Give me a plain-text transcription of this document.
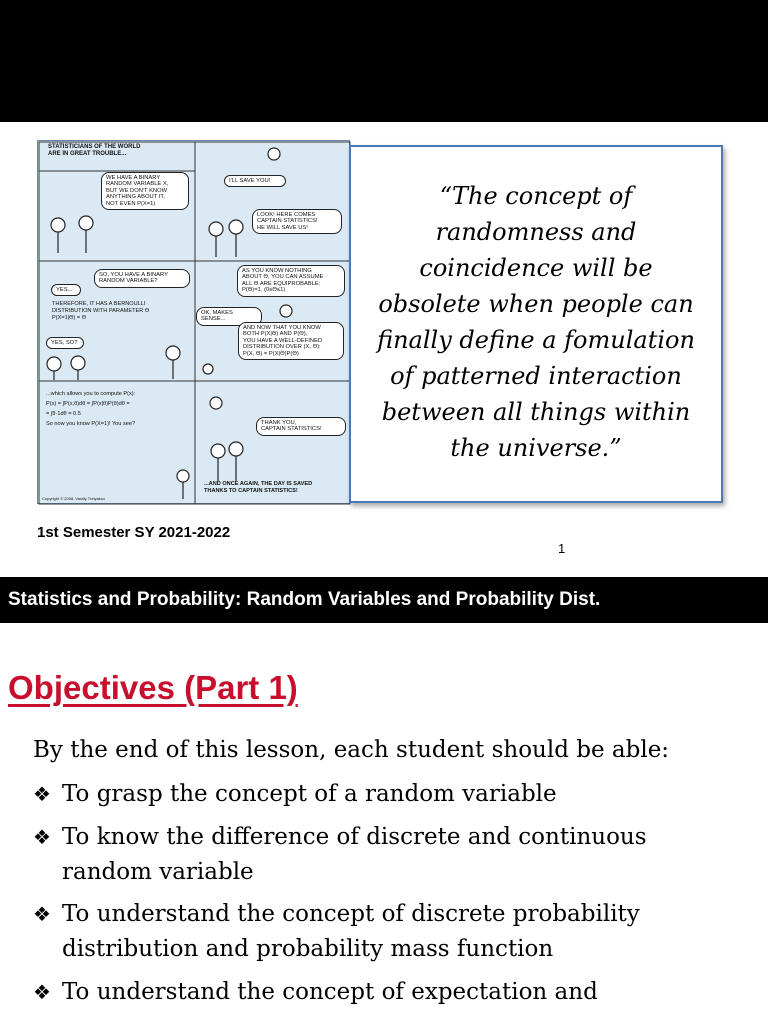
STATISTICIANS OF THE WORLD
ARE IN GREAT TROUBLE...
I'LL SAVE YOU!
WE HAVE A BINARY
RANDOM VARIABLE X,
BUT WE DON'T KNOW
ANYTHING ABOUT IT,
NOT EVEN P(X=1)
LOOK! HERE COMES
CAPTAIN STATISTICS!
HE WILL SAVE US!
SO, YOU HAVE A BINARY
RANDOM VARIABLE?
YES...
THEREFORE, IT HAS A BERNOULLI
DISTRIBUTION WITH PARAMETER Θ
P(X=1|Θ) = Θ
YES, SO?
AS YOU KNOW NOTHING
ABOUT Θ, YOU CAN ASSUME
ALL Θ ARE EQUIPROBABLE:
P(Θ)=1, (0≤Θ≤1)
OK, MAKES SENSE...
AND NOW THAT YOU KNOW
BOTH P(X|Θ) AND P(Θ),
YOU HAVE A WELL-DEFINED
DISTRIBUTION OVER (X, Θ):
P(X, Θ) = P(X|Θ)P(Θ)
...which allows you to compute P(x):
P(x) = ∫P(x,θ)dθ = ∫P(x|θ)P(θ)dθ =
= ∫θ·1dθ = 0.5
So now you know P(X=1)! You see?	THANK YOU,
CAPTAIN STATISTICS!
...AND ONCE AGAIN, THE DAY IS SAVED
THANKS TO CAPTAIN STATISTICS!
Copyright © 2008, Vasiliy Tretyakov
“The concept of randomness and coincidence will be obsolete when people can finally define a fomulation of patterned interaction between all things within the universe.”
1st Semester SY 2021-2022
1
Statistics and Probability: Random Variables and Probability Dist.
Objectives (Part 1)
By the end of this lesson, each student should be able:
❖ To grasp the concept of a random variable
❖ To know the difference of discrete and continuous
random variable
❖ To understand the concept of discrete probability
distribution and probability mass function
❖ To understand the concept of expectation and
